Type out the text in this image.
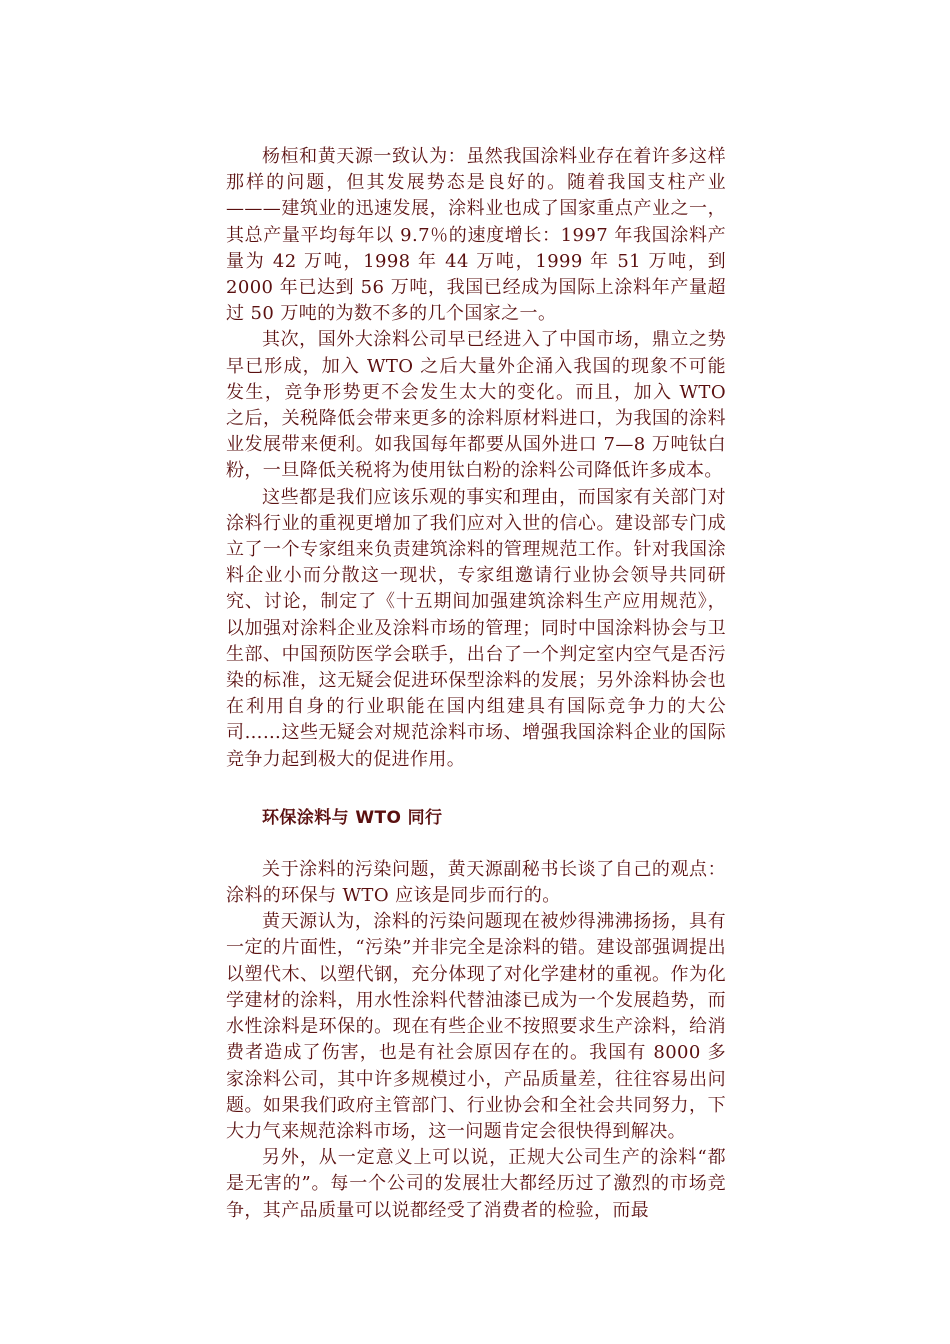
杨桓和黄天源一致认为：虽然我国涂料业存在着许多这样那样的问题，但其发展势态是良好的。随着我国支柱产业———建筑业的迅速发展，涂料业也成了国家重点产业之一，其总产量平均每年以 9.7％的速度增长：1997 年我国涂料产量为 42 万吨，1998 年 44 万吨，1999 年 51 万吨，到 2000 年已达到 56 万吨，我国已经成为国际上涂料年产量超过 50 万吨的为数不多的几个国家之一。

其次，国外大涂料公司早已经进入了中国市场，鼎立之势早已形成，加入 WTO 之后大量外企涌入我国的现象不可能发生，竞争形势更不会发生太大的变化。而且，加入 WTO 之后，关税降低会带来更多的涂料原材料进口，为我国的涂料业发展带来便利。如我国每年都要从国外进口 7—8 万吨钛白粉，一旦降低关税将为使用钛白粉的涂料公司降低许多成本。

这些都是我们应该乐观的事实和理由，而国家有关部门对涂料行业的重视更增加了我们应对入世的信心。建设部专门成立了一个专家组来负责建筑涂料的管理规范工作。针对我国涂料企业小而分散这一现状，专家组邀请行业协会领导共同研究、讨论，制定了《十五期间加强建筑涂料生产应用规范》，以加强对涂料企业及涂料市场的管理；同时中国涂料协会与卫生部、中国预防医学会联手，出台了一个判定室内空气是否污染的标准，这无疑会促进环保型涂料的发展；另外涂料协会也在利用自身的行业职能在国内组建具有国际竞争力的大公司……这些无疑会对规范涂料市场、增强我国涂料企业的国际竞争力起到极大的促进作用。

环保涂料与 WTO 同行

关于涂料的污染问题，黄天源副秘书长谈了自己的观点：涂料的环保与 WTO 应该是同步而行的。

黄天源认为，涂料的污染问题现在被炒得沸沸扬扬，具有一定的片面性，“污染”并非完全是涂料的错。建设部强调提出以塑代木、以塑代钢，充分体现了对化学建材的重视。作为化学建材的涂料，用水性涂料代替油漆已成为一个发展趋势，而水性涂料是环保的。现在有些企业不按照要求生产涂料，给消费者造成了伤害，也是有社会原因存在的。我国有 8000 多家涂料公司，其中许多规模过小，产品质量差，往往容易出问题。如果我们政府主管部门、行业协会和全社会共同努力，下大力气来规范涂料市场，这一问题肯定会很快得到解决。

另外，从一定意义上可以说，正规大公司生产的涂料“都是无害的”。每一个公司的发展壮大都经历过了激烈的市场竞争，其产品质量可以说都经受了消费者的检验，而最
